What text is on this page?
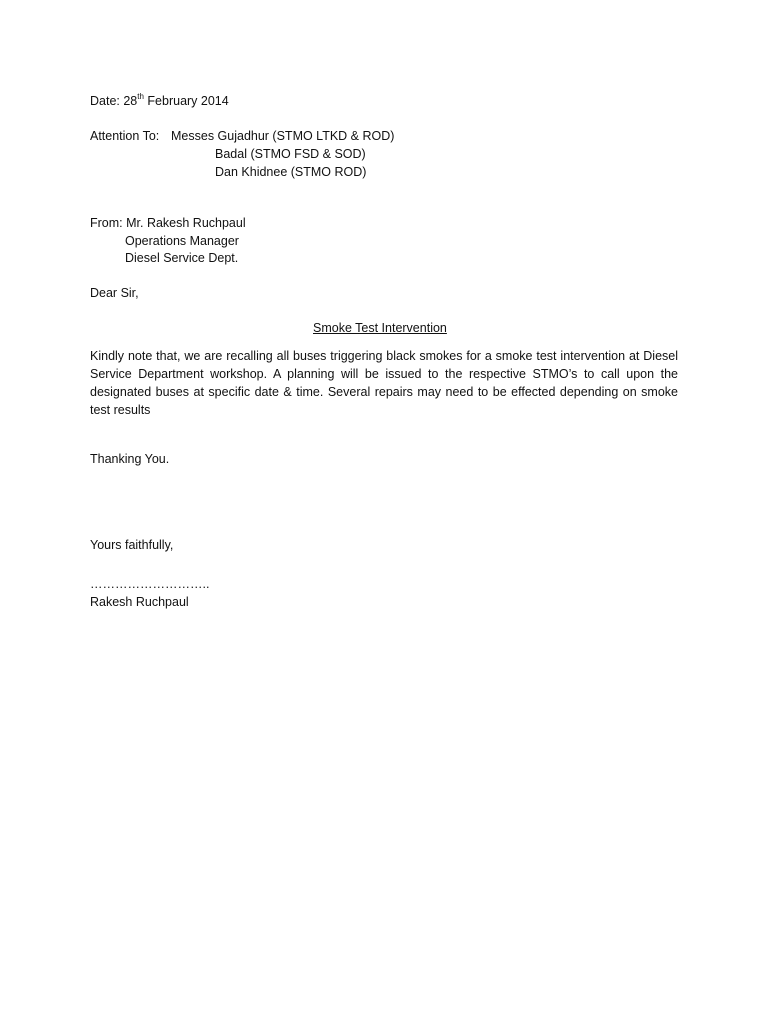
Date: 28th February 2014
Attention To: Messes Gujadhur (STMO LTKD & ROD)
Badal (STMO FSD & SOD)
Dan Khidnee (STMO ROD)
From: Mr. Rakesh Ruchpaul
Operations Manager
Diesel Service Dept.
Dear Sir,
Smoke Test Intervention
Kindly note that, we are recalling all buses triggering black smokes for a smoke test intervention at Diesel Service Department workshop. A planning will be issued to the respective STMO’s to call upon the designated buses at specific date & time. Several repairs may need to be effected depending on smoke test results
Thanking You.
Yours faithfully,
………………………..
Rakesh Ruchpaul
